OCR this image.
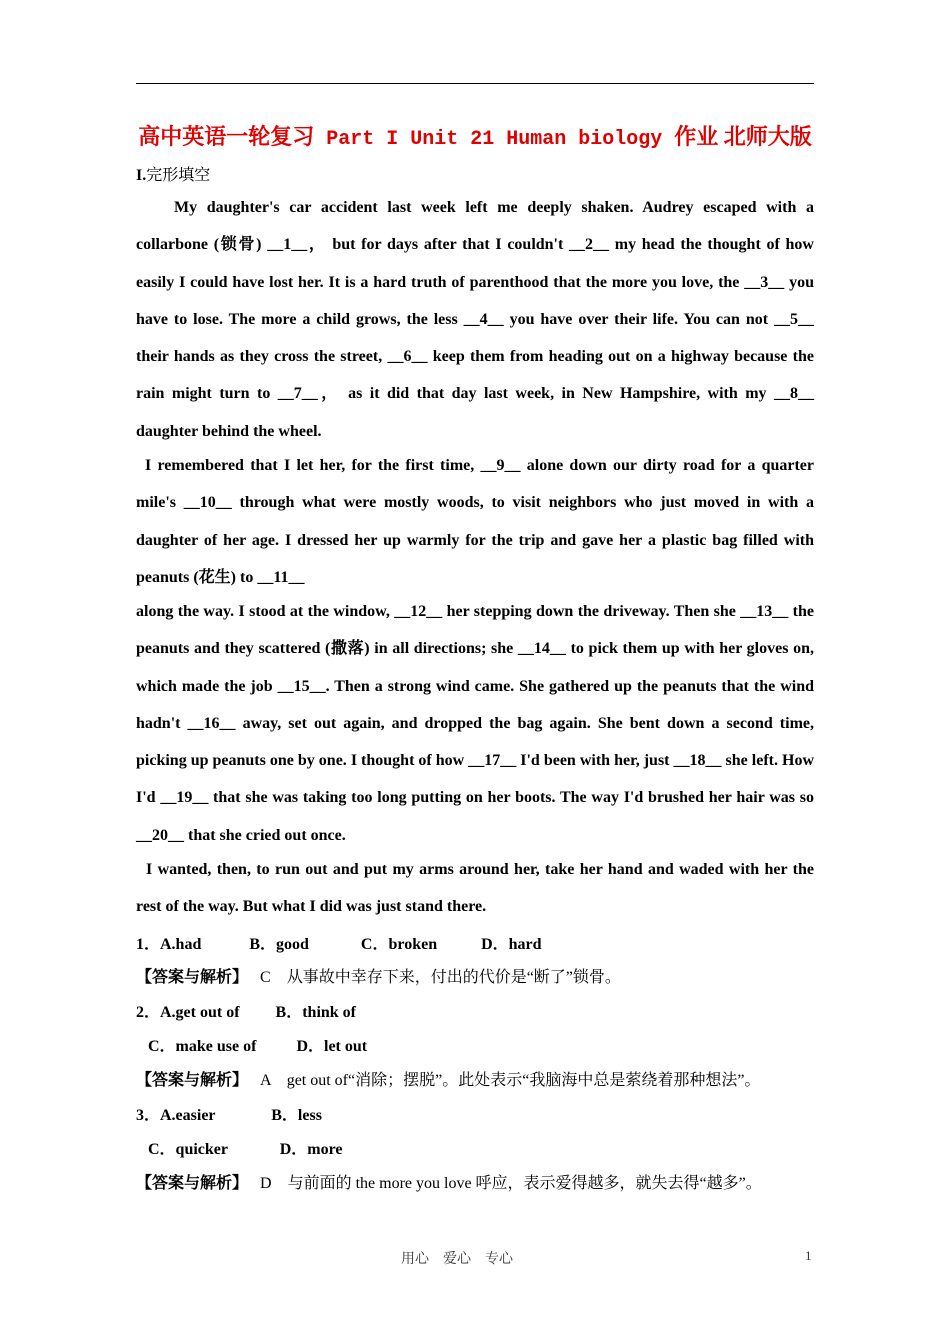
高中英语一轮复习 Part I Unit 21 Human biology 作业 北师大版
I.完形填空
My daughter's car accident last week left me deeply shaken. Audrey escaped with a collarbone (锁骨) __1__， but for days after that I couldn't __2__ my head the thought of how easily I could have lost her. It is a hard truth of parenthood that the more you love, the __3__ you have to lose. The more a child grows, the less __4__ you have over their life. You can not __5__ their hands as they cross the street, __6__ keep them from heading out on a highway because the rain might turn to __7__， as it did that day last week, in New Hampshire, with my __8__ daughter behind the wheel.
I remembered that I let her, for the first time, __9__ alone down our dirty road for a quarter mile's __10__ through what were mostly woods, to visit neighbors who just moved in with a daughter of her age. I dressed her up warmly for the trip and gave her a plastic bag filled with peanuts (花生) to __11__
along the way. I stood at the window, __12__ her stepping down the driveway. Then she __13__ the peanuts and they scattered (撒落) in all directions; she __14__ to pick them up with her gloves on, which made the job __15__. Then a strong wind came. She gathered up the peanuts that the wind hadn't __16__ away, set out again, and dropped the bag again. She bent down a second time, picking up peanuts one by one. I thought of how __17__ I'd been with her, just __18__ she left. How I'd __19__ that she was taking too long putting on her boots. The way I'd brushed her hair was so __20__ that she cried out once.
I wanted, then, to run out and put my arms around her, take her hand and waded with her the rest of the way. But what I did was just stand there.
1．A.had            B．good             C．broken           D．hard
【答案与解析】   C    从事故中幸存下来，付出的代价是“断了”锁骨。
2．A.get out of         B．think of
C．make use of          D．let out
【答案与解析】   A    get out of“消除；摆脱”。此处表示“我脑海中总是萦绕着那种想法”。
3．A.easier              B．less
C．quicker             D．more
【答案与解析】   D    与前面的 the more you love 呼应，表示爱得越多，就失去得“越多”。
用心    爱心    专心	1
